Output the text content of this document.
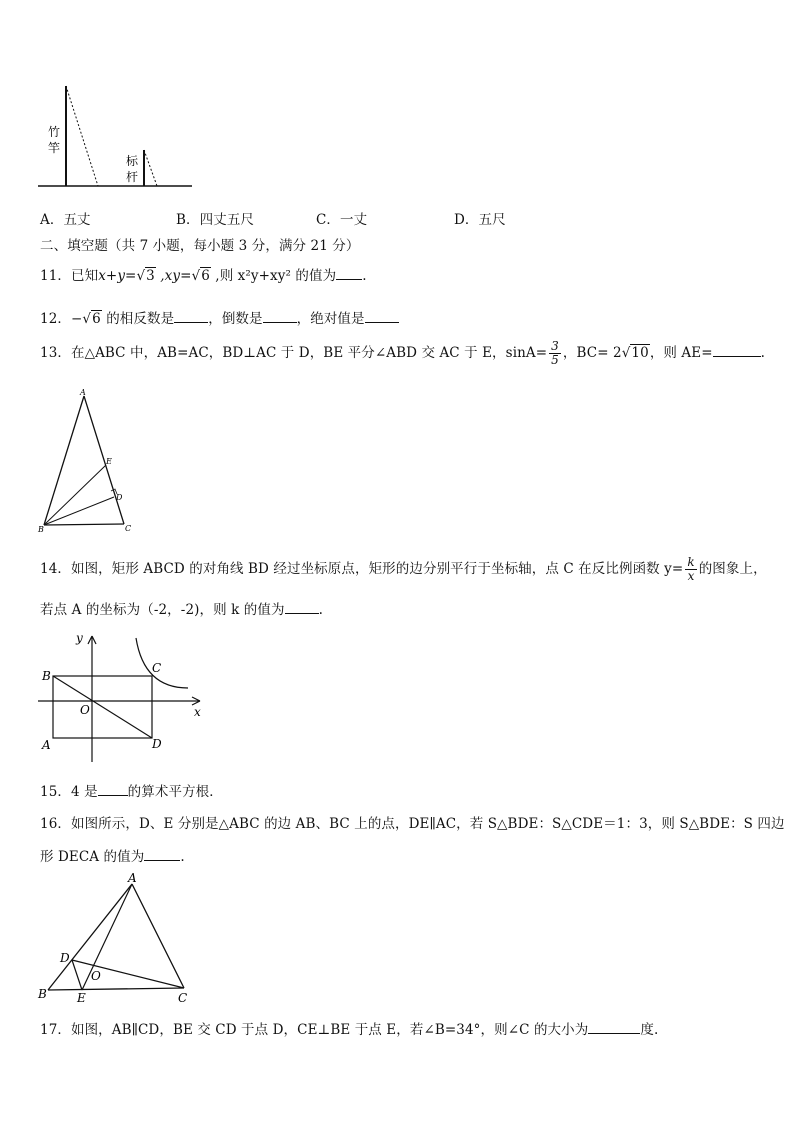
竹
竿
标
杆
A．五丈	B．四丈五尺	C．一丈	D．五尺
二、填空题（共 7 小题，每小题 3 分，满分 21 分）
11．已知x+y=√3 ,xy=√6 ,则 x²y+xy² 的值为 .
12．−√6 的相反数是	，倒数是	，绝对值是
13．在△ABC 中，AB=AC，BD⊥AC 于 D，BE 平分∠ABD 交 AC 于 E，$\sin A= \frac{3}{5}$ ，BC= 2√10，则 AE=	.
A
E
D
B	C
14．如图，矩形 ABCD 的对角线 BD 经过坐标原点，矩形的边分别平行于坐标轴，点 C 在反比例函数 $y= \frac{k}{x}$ 的图象上，
若点 A 的坐标为（-2，-2)，则 k 的值为	.
y
x
O
B
A
C
D
15．4 是 的算术平方根．
16．如图所示，D、E 分别是△ABC 的边 AB、BC 上的点，DE∥AC，若 S△BDE：S△CDE＝1：3，则 S△BDE：S 四边
形 DECA 的值为	.
A
D
O
B	E	C
17．如图，AB∥CD，BE 交 CD 于点 D，CE⊥BE 于点 E，若∠B=34°，则∠C 的大小为	度.
